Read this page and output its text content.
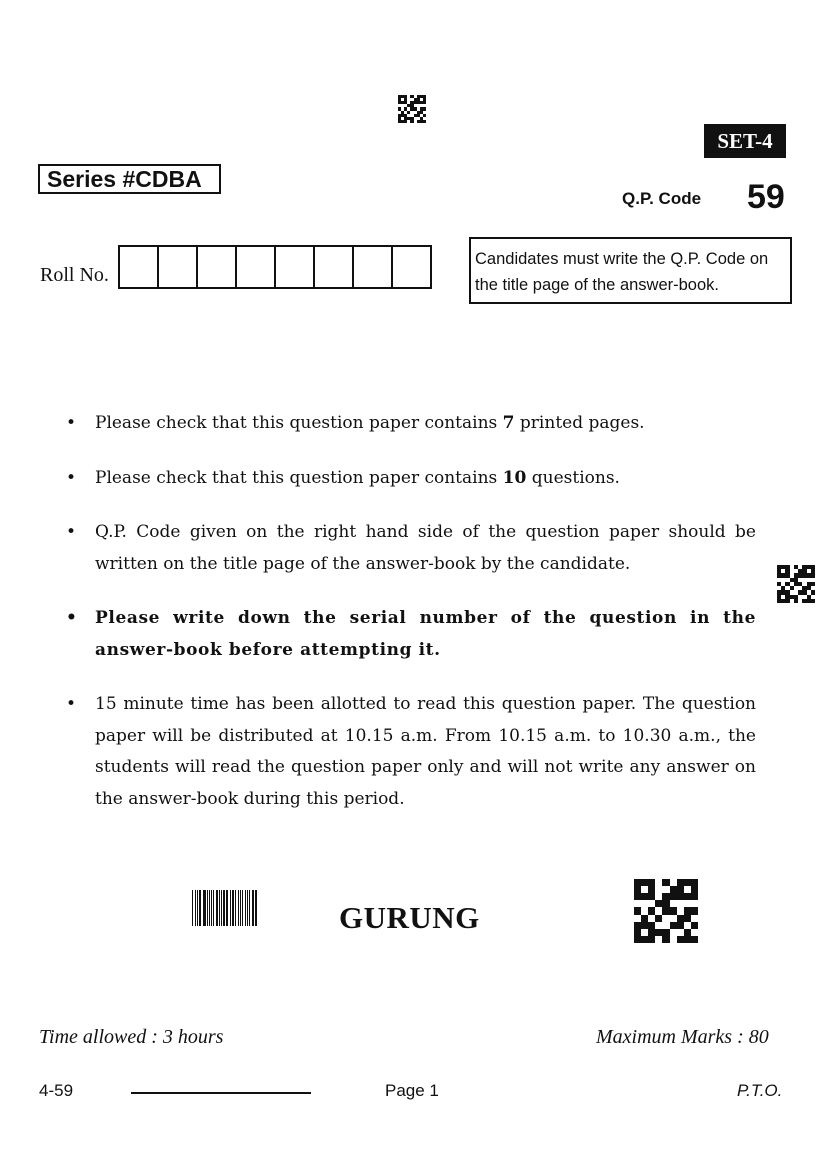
SET-4
Series #CDBA
Q.P. Code 59
Roll No.
Candidates must write the Q.P. Code on
the title page of the answer-book.
• Please check that this question paper contains 7 printed pages.
• Please check that this question paper contains 10 questions.
• Q.P. Code given on the right hand side of the question paper should be written on the title page of the answer-book by the candidate.
• Please write down the serial number of the question in the answer-book before attempting it.
• 15 minute time has been allotted to read this question paper. The question paper will be distributed at 10.15 a.m. From 10.15 a.m. to 10.30 a.m., the students will read the question paper only and will not write any answer on the answer-book during this period.
GURUNG
Time allowed : 3 hours	Maximum Marks : 80
4-59	Page 1	P.T.O.
